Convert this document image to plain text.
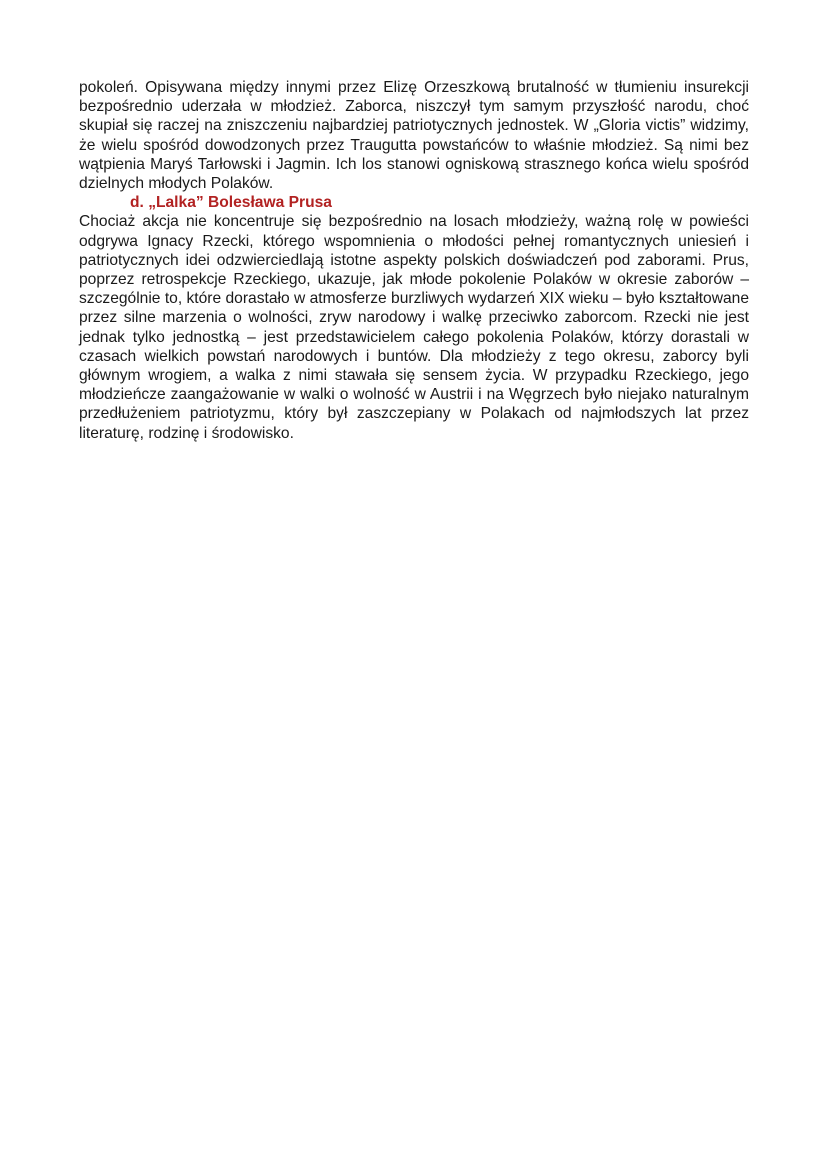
pokoleń. Opisywana między innymi przez Elizę Orzeszkową brutalność w tłumieniu insurekcji bezpośrednio uderzała w młodzież. Zaborca, niszczył tym samym przyszłość narodu, choć skupiał się raczej na zniszczeniu najbardziej patriotycznych jednostek. W „Gloria victis” widzimy, że wielu spośród dowodzonych przez Traugutta powstańców to właśnie młodzież. Są nimi bez wątpienia Maryś Tarłowski i Jagmin. Ich los stanowi ogniskową strasznego końca wielu spośród dzielnych młodych Polaków.

d. „Lalka” Bolesława Prusa

Chociaż akcja nie koncentruje się bezpośrednio na losach młodzieży, ważną rolę w powieści odgrywa Ignacy Rzecki, którego wspomnienia o młodości pełnej romantycznych uniesień i patriotycznych idei odzwierciedlają istotne aspekty polskich doświadczeń pod zaborami. Prus, poprzez retrospekcje Rzeckiego, ukazuje, jak młode pokolenie Polaków w okresie zaborów – szczególnie to, które dorastało w atmosferze burzliwych wydarzeń XIX wieku – było kształtowane przez silne marzenia o wolności, zryw narodowy i walkę przeciwko zaborcom. Rzecki nie jest jednak tylko jednostką – jest przedstawicielem całego pokolenia Polaków, którzy dorastali w czasach wielkich powstań narodowych i buntów. Dla młodzieży z tego okresu, zaborcy byli głównym wrogiem, a walka z nimi stawała się sensem życia. W przypadku Rzeckiego, jego młodzieńcze zaangażowanie w walki o wolność w Austrii i na Węgrzech było niejako naturalnym przedłużeniem patriotyzmu, który był zaszczepiany w Polakach od najmłodszych lat przez literaturę, rodzinę i środowisko.
